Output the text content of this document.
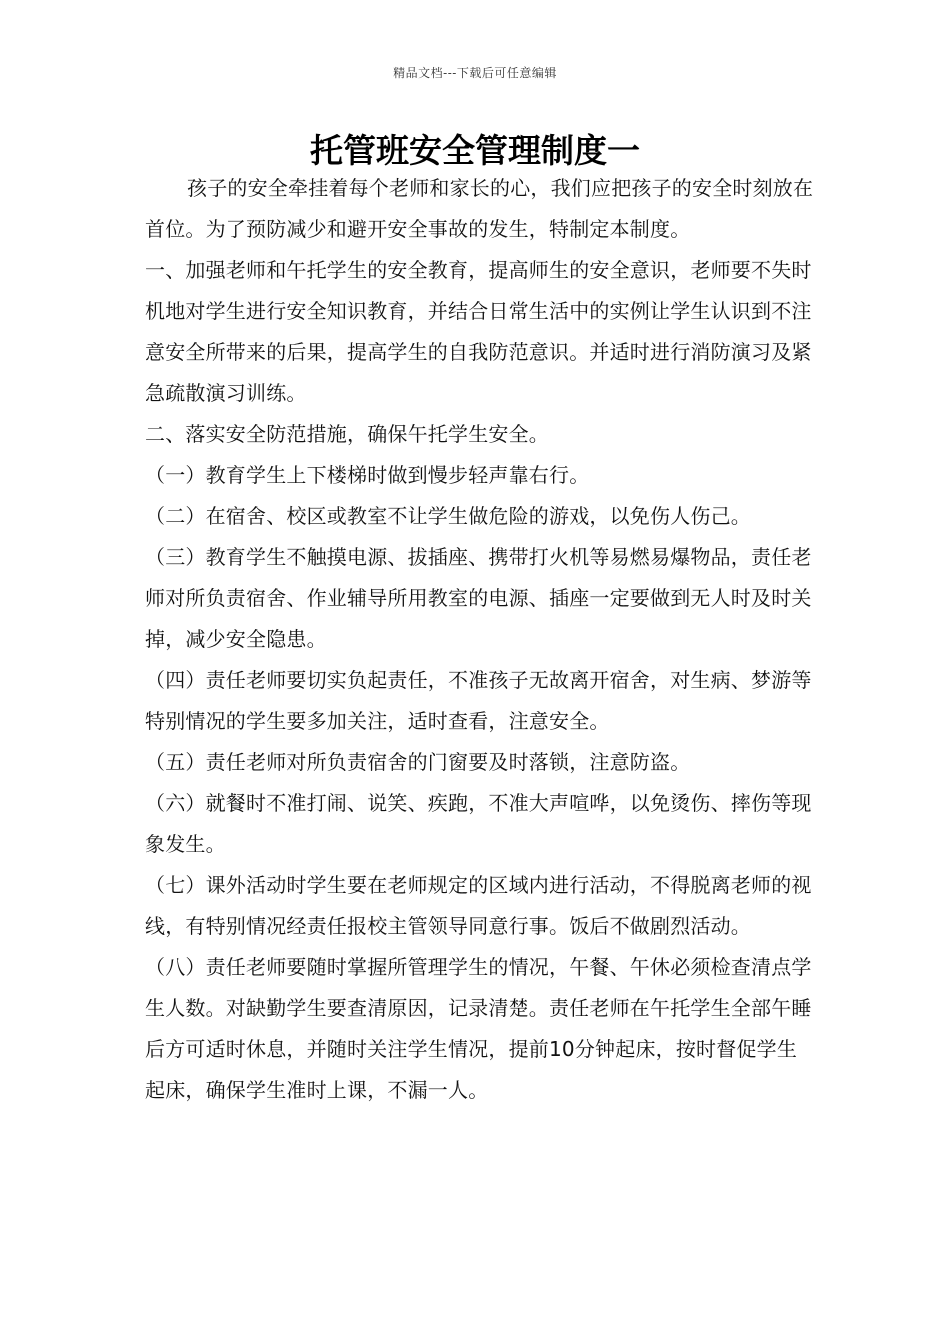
精品文档---下载后可任意编辑
托管班安全管理制度一

孩子的安全牵挂着每个老师和家长的心，我们应把孩子的安全时刻放在首位。为了预防减少和避开安全事故的发生，特制定本制度。

一、加强老师和午托学生的安全教育，提高师生的安全意识，老师要不失时机地对学生进行安全知识教育，并结合日常生活中的实例让学生认识到不注意安全所带来的后果，提高学生的自我防范意识。并适时进行消防演习及紧急疏散演习训练。

二、落实安全防范措施，确保午托学生安全。

（一）教育学生上下楼梯时做到慢步轻声靠右行。

（二）在宿舍、校区或教室不让学生做危险的游戏，以免伤人伤己。

（三）教育学生不触摸电源、拔插座、携带打火机等易燃易爆物品，责任老师对所负责宿舍、作业辅导所用教室的电源、插座一定要做到无人时及时关掉，减少安全隐患。

（四）责任老师要切实负起责任，不准孩子无故离开宿舍，对生病、梦游等特别情况的学生要多加关注，适时查看，注意安全。

（五）责任老师对所负责宿舍的门窗要及时落锁，注意防盗。

（六）就餐时不准打闹、说笑、疾跑，不准大声喧哗，以免烫伤、摔伤等现象发生。

（七）课外活动时学生要在老师规定的区域内进行活动，不得脱离老师的视线，有特别情况经责任报校主管领导同意行事。饭后不做剧烈活动。

（八）责任老师要随时掌握所管理学生的情况，午餐、午休必须检查清点学生人数。对缺勤学生要查清原因，记录清楚。责任老师在午托学生全部午睡后方可适时休息，并随时关注学生情况，提前10分钟起床，按时督促学生起床，确保学生准时上课，不漏一人。
